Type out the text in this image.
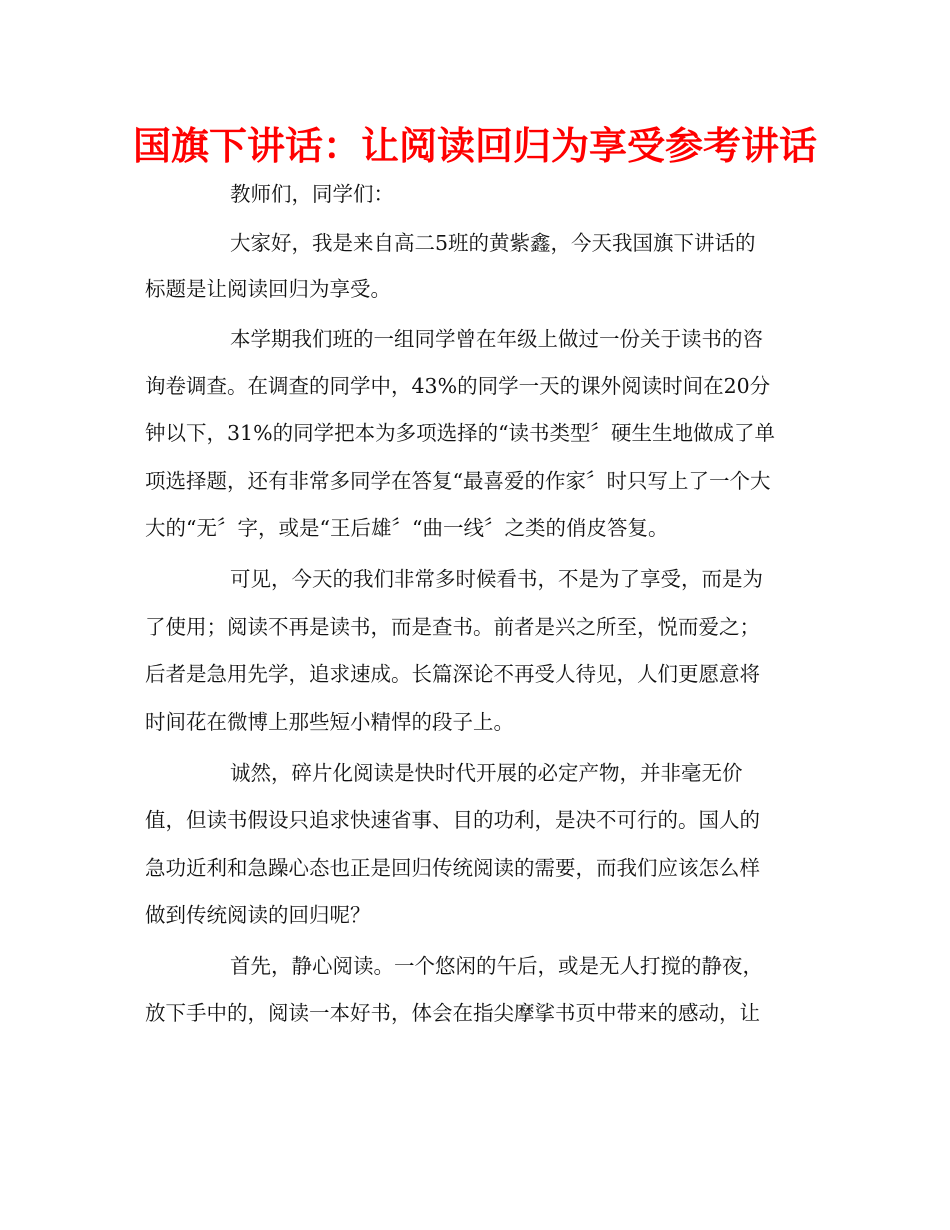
国旗下讲话：让阅读回归为享受参考讲话
教师们，同学们：
大家好，我是来自高二5班的黄紫鑫，今天我国旗下讲话的
标题是让阅读回归为享受。
本学期我们班的一组同学曾在年级上做过一份关于读书的咨
询卷调查。在调查的同学中，43%的同学一天的课外阅读时间在20分
钟以下，31%的同学把本为多项选择的“读书类型〞硬生生地做成了单
项选择题，还有非常多同学在答复“最喜爱的作家〞时只写上了一个大
大的“无〞字，或是“王后雄〞“曲一线〞之类的俏皮答复。
可见，今天的我们非常多时候看书，不是为了享受，而是为
了使用；阅读不再是读书，而是查书。前者是兴之所至，悦而爱之；
后者是急用先学，追求速成。长篇深论不再受人待见，人们更愿意将
时间花在微博上那些短小精悍的段子上。
诚然，碎片化阅读是快时代开展的必定产物，并非毫无价
值，但读书假设只追求快速省事、目的功利，是决不可行的。国人的
急功近利和急躁心态也正是回归传统阅读的需要，而我们应该怎么样
做到传统阅读的回归呢？
首先，静心阅读。一个悠闲的午后，或是无人打搅的静夜，
放下手中的，阅读一本好书，体会在指尖摩挲书页中带来的感动，让
